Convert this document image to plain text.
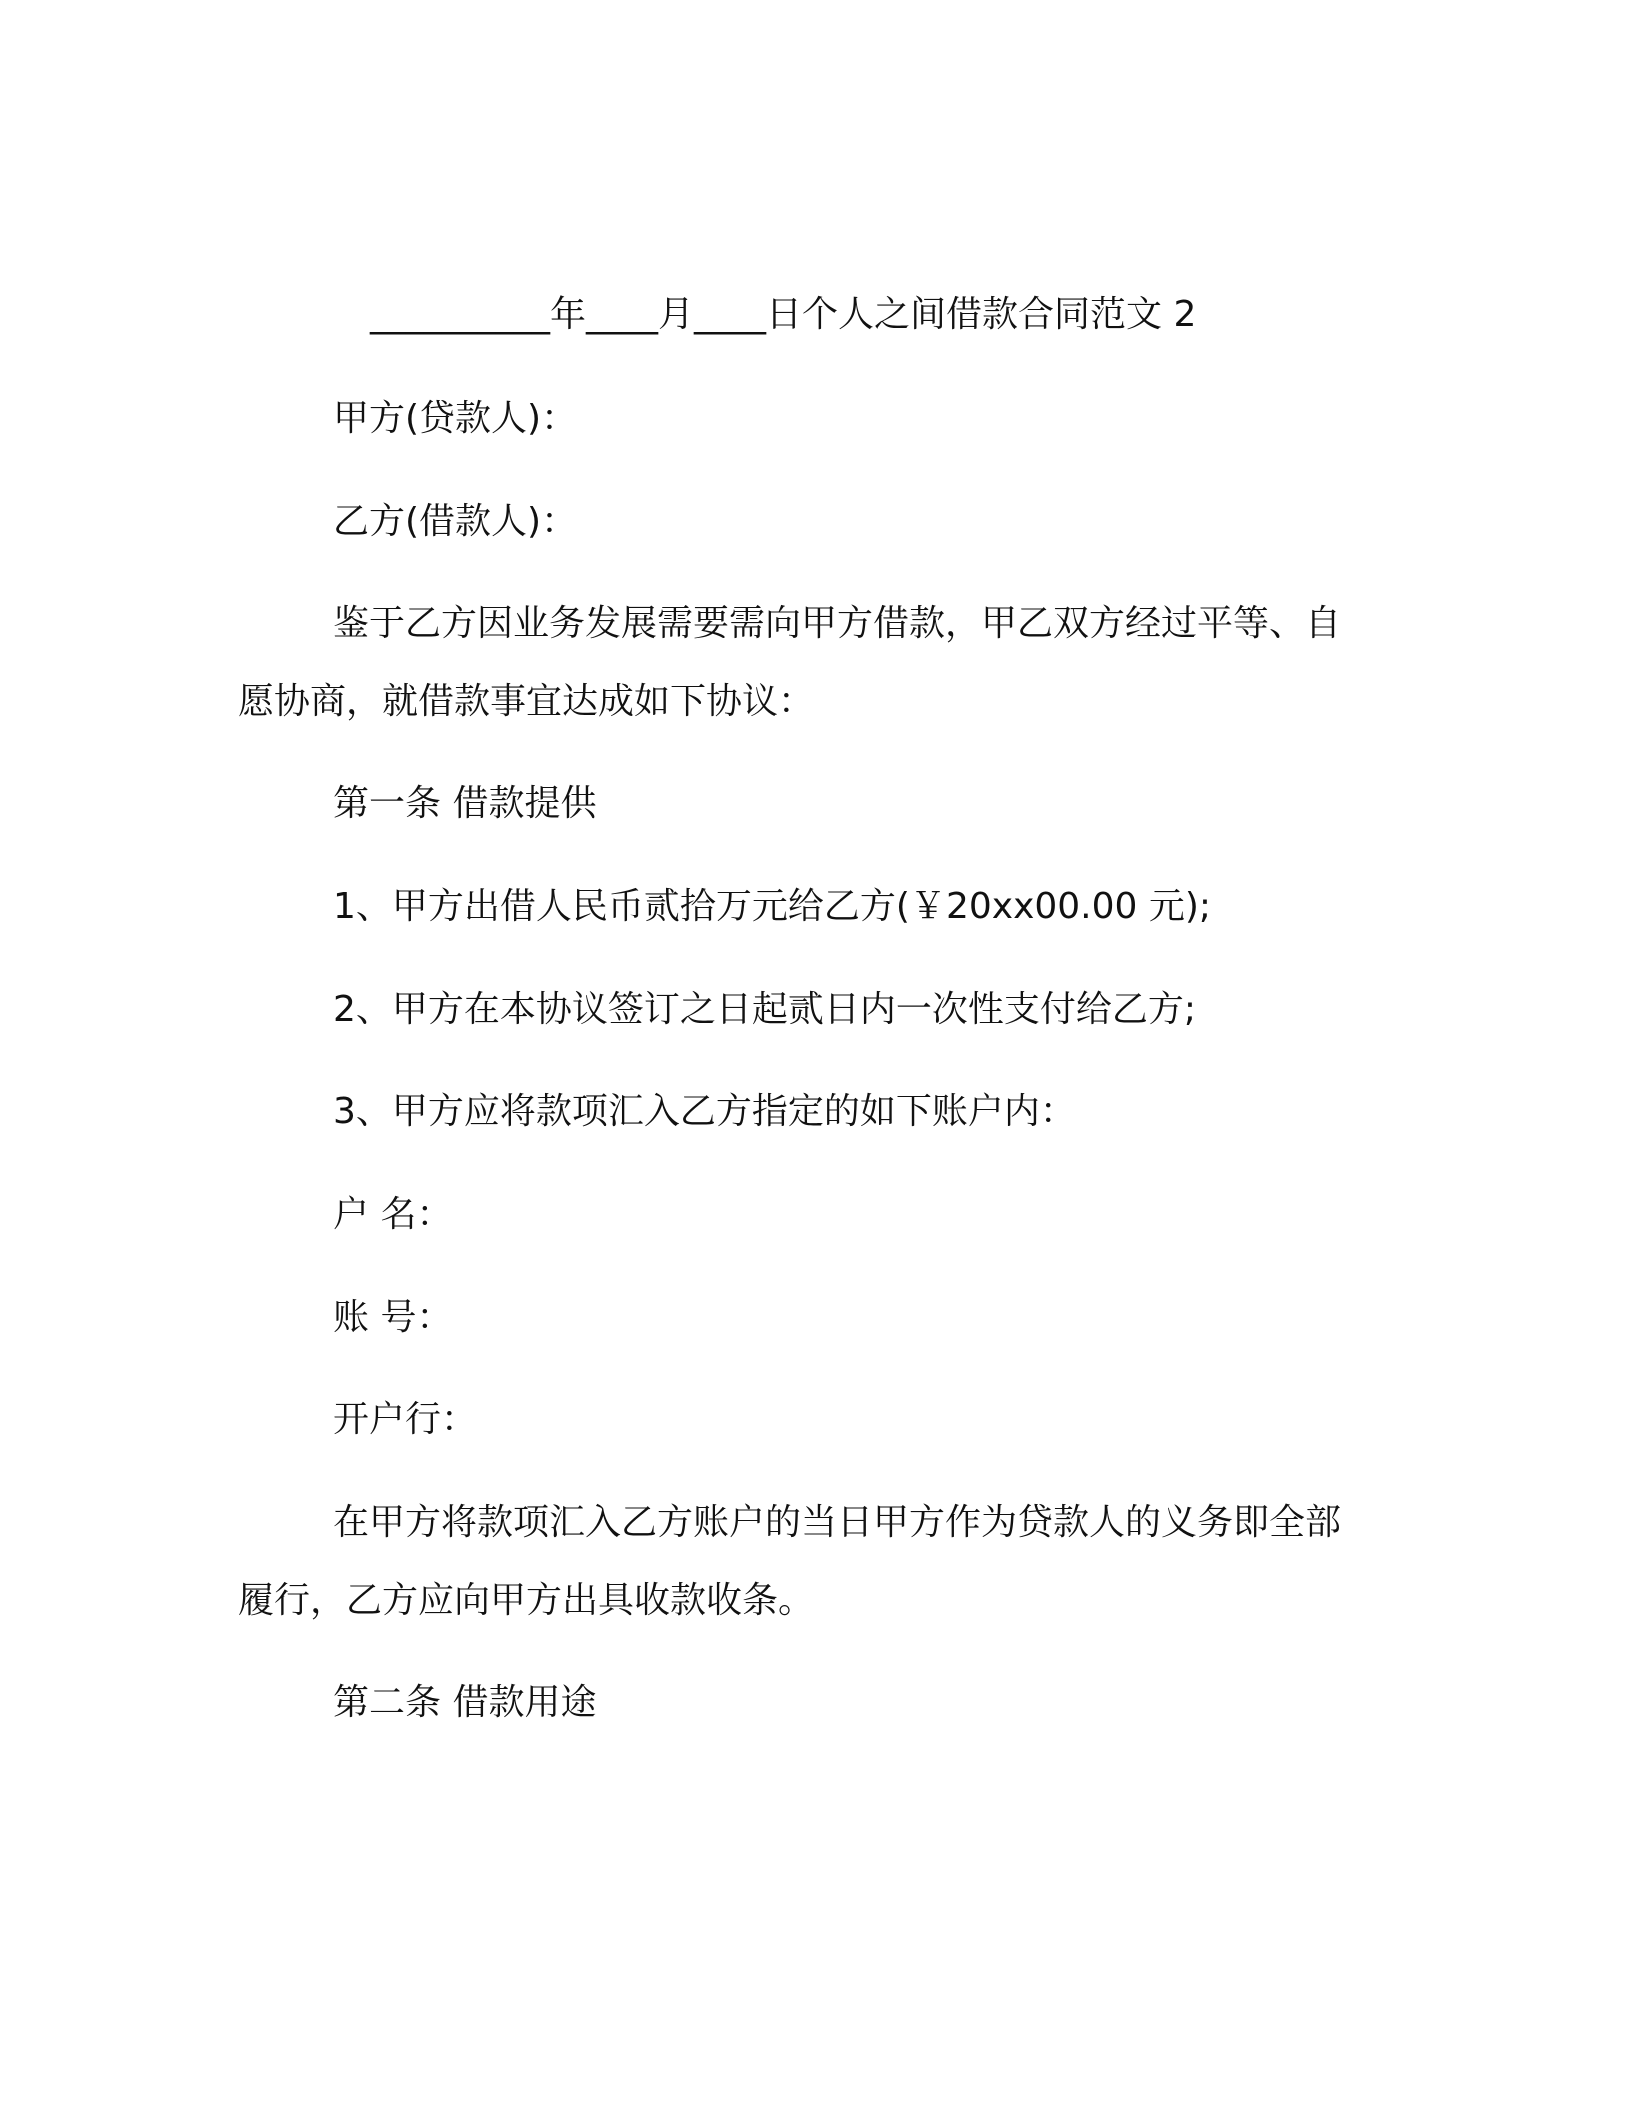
__________年____月____日个人之间借款合同范文 2
甲方(贷款人)：
乙方(借款人)：
鉴于乙方因业务发展需要需向甲方借款，甲乙双方经过平等、自
愿协商，就借款事宜达成如下协议：
第一条 借款提供
1、甲方出借人民币贰拾万元给乙方(￥20xx00.00 元);
2、甲方在本协议签订之日起贰日内一次性支付给乙方;
3、甲方应将款项汇入乙方指定的如下账户内：
户 名：
账 号：
开户行：
在甲方将款项汇入乙方账户的当日甲方作为贷款人的义务即全部
履行，乙方应向甲方出具收款收条。
第二条 借款用途
